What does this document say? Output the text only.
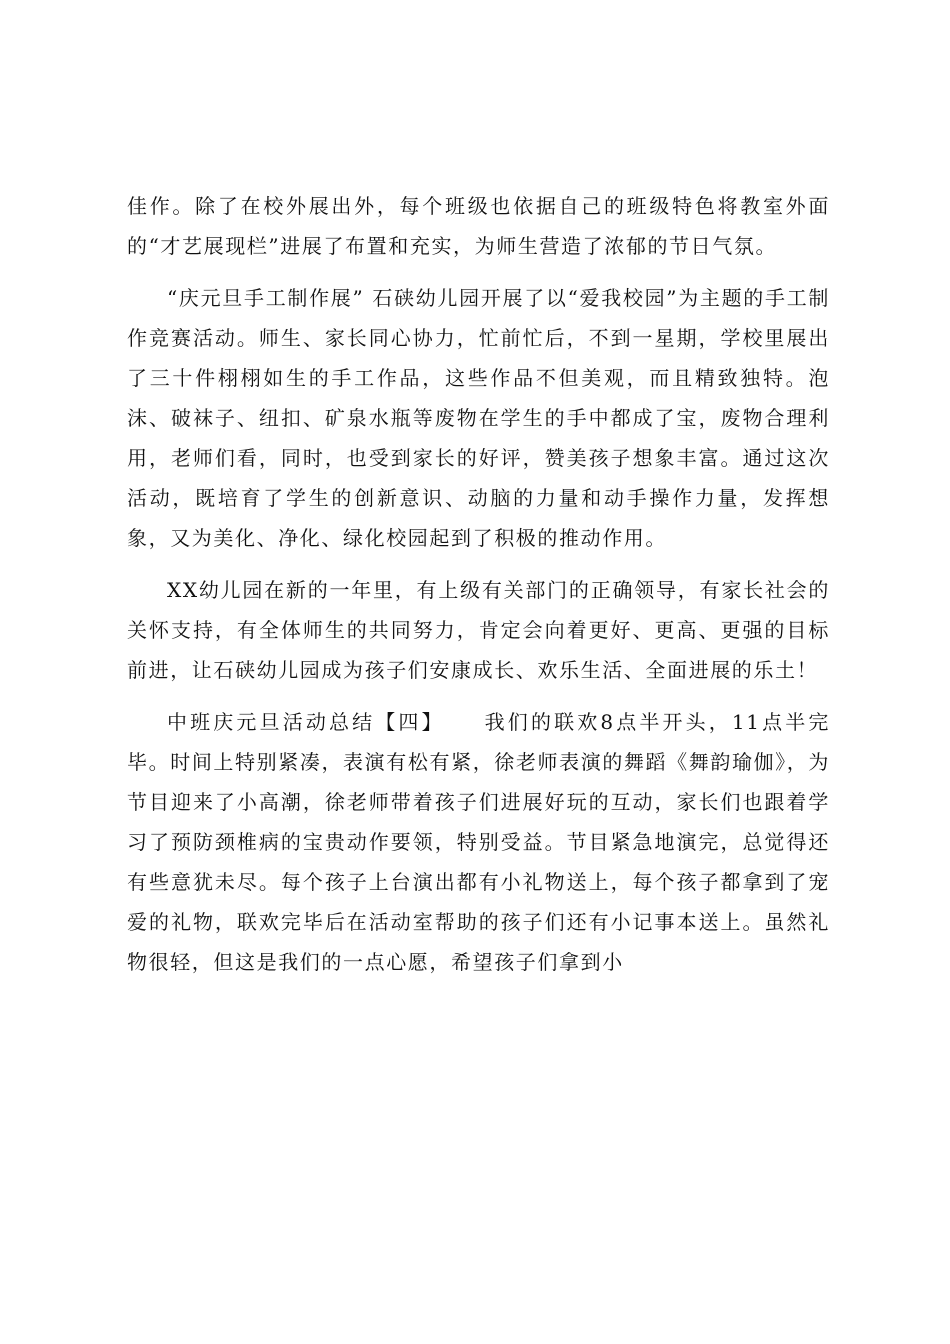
佳作。除了在校外展出外，每个班级也依据自己的班级特色将教室外面的“才艺展现栏”进展了布置和充实，为师生营造了浓郁的节日气氛。

“庆元旦手工制作展” 石硖幼儿园开展了以“爱我校园”为主题的手工制作竞赛活动。师生、家长同心协力，忙前忙后，不到一星期，学校里展出了三十件栩栩如生的手工作品，这些作品不但美观，而且精致独特。泡沫、破袜子、纽扣、矿泉水瓶等废物在学生的手中都成了宝，废物合理利用，老师们看，同时，也受到家长的好评，赞美孩子想象丰富。通过这次活动，既培育了学生的创新意识、动脑的力量和动手操作力量，发挥想象，又为美化、净化、绿化校园起到了积极的推动作用。

XX幼儿园在新的一年里，有上级有关部门的正确领导，有家长社会的关怀支持，有全体师生的共同努力，肯定会向着更好、更高、更强的目标前进，让石硖幼儿园成为孩子们安康成长、欢乐生活、全面进展的乐土！

中班庆元旦活动总结【四】 我们的联欢8点半开头，11点半完毕。时间上特别紧凑，表演有松有紧，徐老师表演的舞蹈《舞韵瑜伽》，为节目迎来了小高潮，徐老师带着孩子们进展好玩的互动，家长们也跟着学习了预防颈椎病的宝贵动作要领，特别受益。节目紧急地演完，总觉得还有些意犹未尽。每个孩子上台演出都有小礼物送上，每个孩子都拿到了宠爱的礼物，联欢完毕后在活动室帮助的孩子们还有小记事本送上。虽然礼物很轻，但这是我们的一点心愿，希望孩子们拿到小
